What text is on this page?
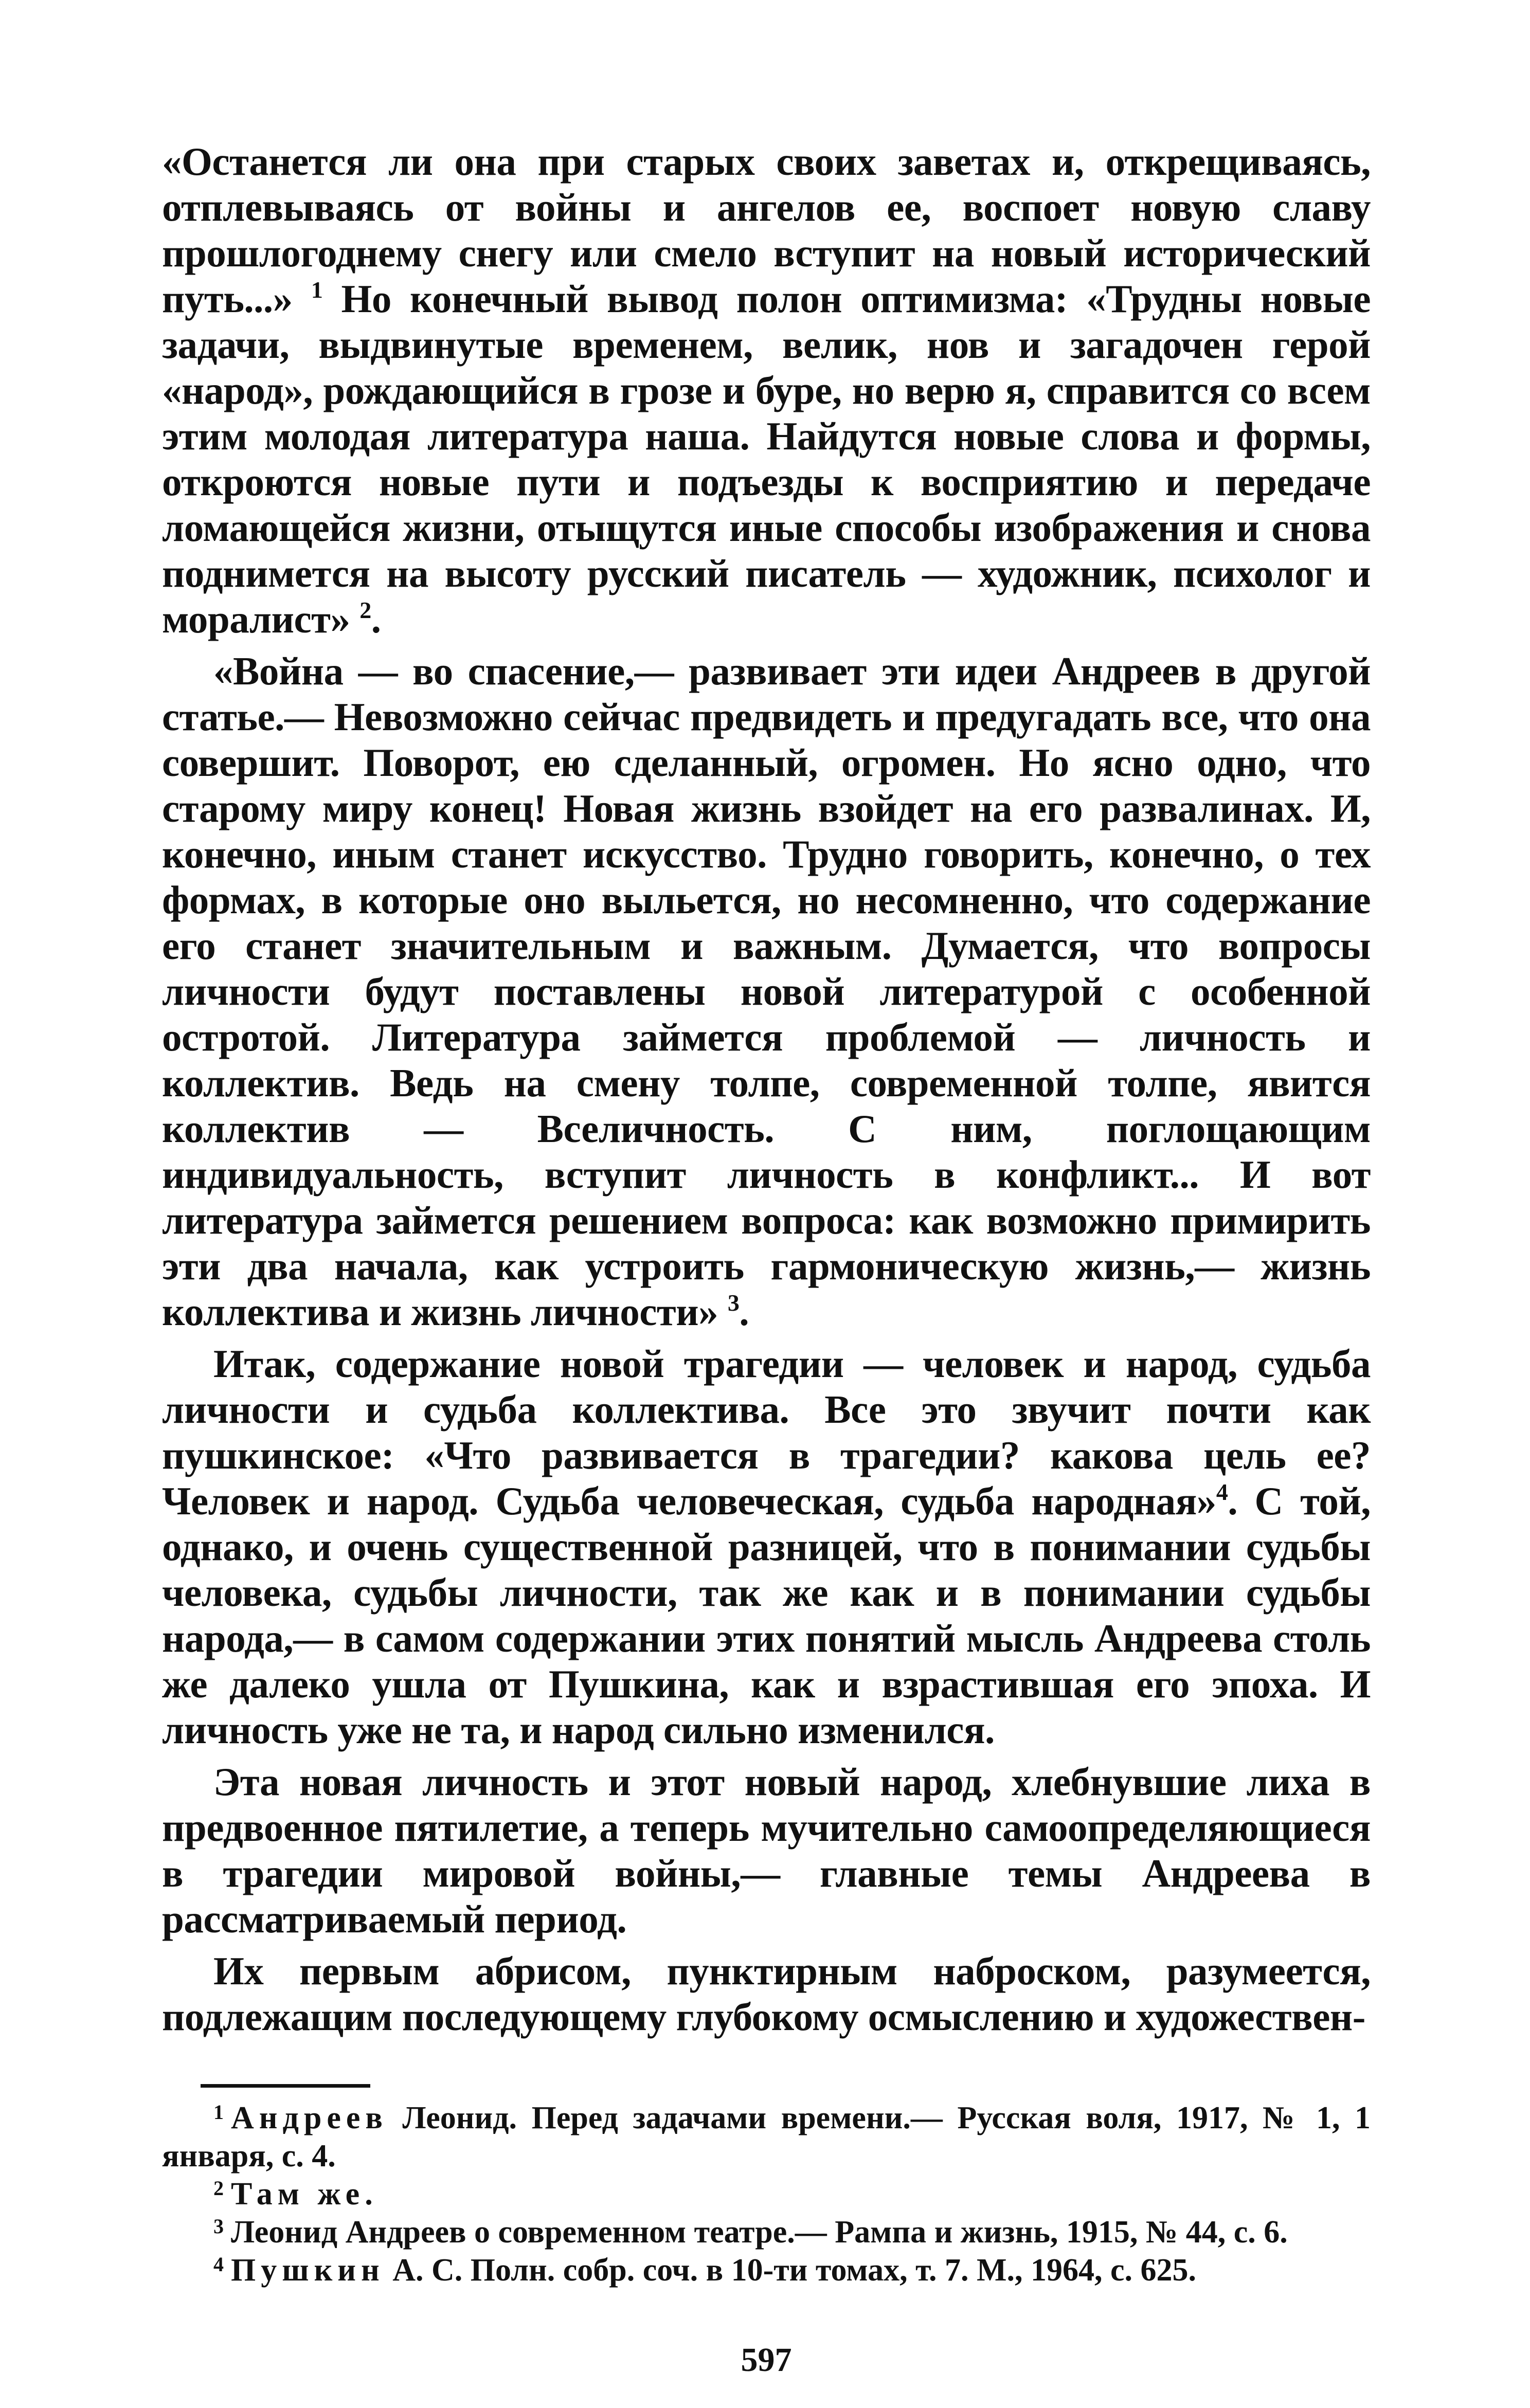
«Останется ли она при старых своих заветах и, открещиваясь, отплевываясь от войны и ангелов ее, воспоет новую славу прошлогоднему снегу или смело вступит на новый исторический путь...» $^1$ Но конечный вывод полон оптимизма: «Трудны новые задачи, выдвинутые временем, велик, нов и загадочен герой «народ», рождающийся в грозе и буре, но верю я, справится со всем этим молодая литература наша. Найдутся новые слова и формы, откроются новые пути и подъезды к восприятию и передаче ломающейся жизни, отыщутся иные способы изображения и снова поднимется на высоту русский писатель — художник, психолог и моралист» $^2$.

«Война — во спасение,— развивает эти идеи Андреев в другой статье.— Невозможно сейчас предвидеть и предугадать все, что она совершит. Поворот, ею сделанный, огромен. Но ясно одно, что старому миру конец! Новая жизнь взойдет на его развалинах. И, конечно, иным станет искусство. Трудно говорить, конечно, о тех формах, в которые оно выльется, но несомненно, что содержание его станет значительным и важным. Думается, что вопросы личности будут поставлены новой литературой с особенной остротой. Литература займется проблемой — личность и коллектив. Ведь на смену толпе, современной толпе, явится коллектив — Вселичность. С ним, поглощающим индивидуальность, вступит личность в конфликт... И вот литература займется решением вопроса: как возможно примирить эти два начала, как устроить гармоническую жизнь,— жизнь коллектива и жизнь личности» $^3$.

Итак, содержание новой трагедии — человек и народ, судьба личности и судьба коллектива. Все это звучит почти как пушкинское: «Что развивается в трагедии? какова цель ее? Человек и народ. Судьба человеческая, судьба народная»$^4$. С той, однако, и очень существенной разницей, что в понимании судьбы человека, судьбы личности, так же как и в понимании судьбы народа,— в самом содержании этих понятий мысль Андреева столь же далеко ушла от Пушкина, как и взрастившая его эпоха. И личность уже не та, и народ сильно изменился.

Эта новая личность и этот новый народ, хлебнувшие лиха в предвоенное пятилетие, а теперь мучительно самоопределяющиеся в трагедии мировой войны,— главные темы Андреева в рассматриваемый период.

Их первым абрисом, пунктирным наброском, разумеется, подлежащим последующему глубокому осмыслению и художествен-

$^1$ Андреев Леонид. Перед задачами времени.— Русская воля, 1917, № 1, 1 января, с. 4.

$^2$ Там же.

$^3$ Леонид Андреев о современном театре.— Рампа и жизнь, 1915, № 44, с. 6.

$^4$ Пушкин А. С. Полн. собр. соч. в 10-ти томах, т. 7. М., 1964, с. 625.

597
